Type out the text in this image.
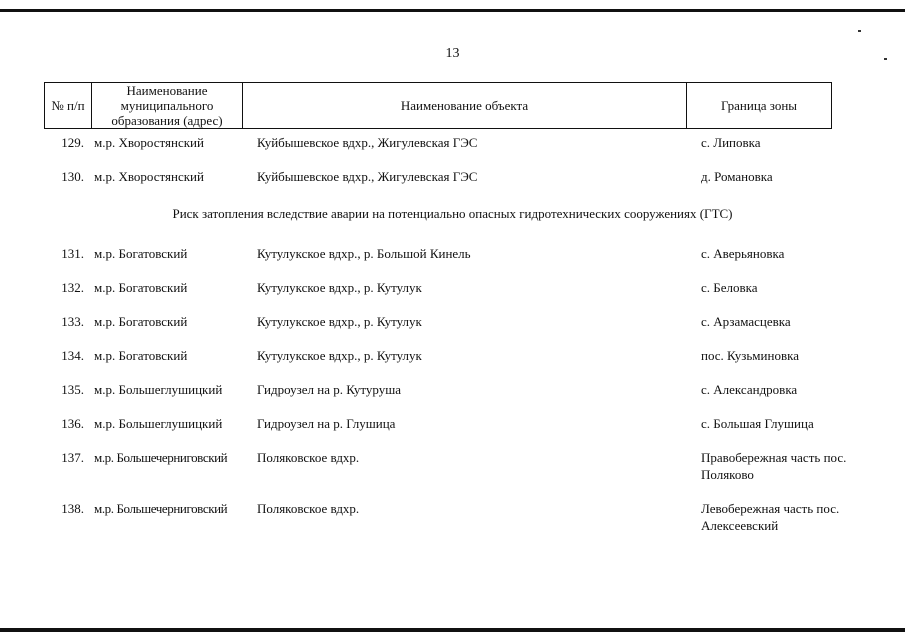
13
№ п/п	Наименование муниципального образования (адрес)	Наименование объекта	Граница зоны
129. м.р. Хворостянский	Куйбышевское вдхр., Жигулевская ГЭС	с. Липовка
130. м.р. Хворостянский	Куйбышевское вдхр., Жигулевская ГЭС	д. Романовка
Риск затопления вследствие аварии на потенциально опасных гидротехнических сооружениях (ГТС)
131. м.р. Богатовский	Кутулукское вдхр., р. Большой Кинель	с. Аверьяновка
132. м.р. Богатовский	Кутулукское вдхр., р. Кутулук	с. Беловка
133. м.р. Богатовский	Кутулукское вдхр., р. Кутулук	с. Арзамасцевка
134. м.р. Богатовский	Кутулукское вдхр., р. Кутулук	пос. Кузьминовка
135. м.р. Большеглушицкий	Гидроузел на р. Кутуруша	с. Александровка
136. м.р. Большеглушицкий	Гидроузел на р. Глушица	с. Большая Глушица
137. м.р. Большечерниговский	Поляковское вдхр.	Правобережная часть пос. Поляково
138. м.р. Большечерниговский	Поляковское вдхр.	Левобережная часть пос. Алексеевский
